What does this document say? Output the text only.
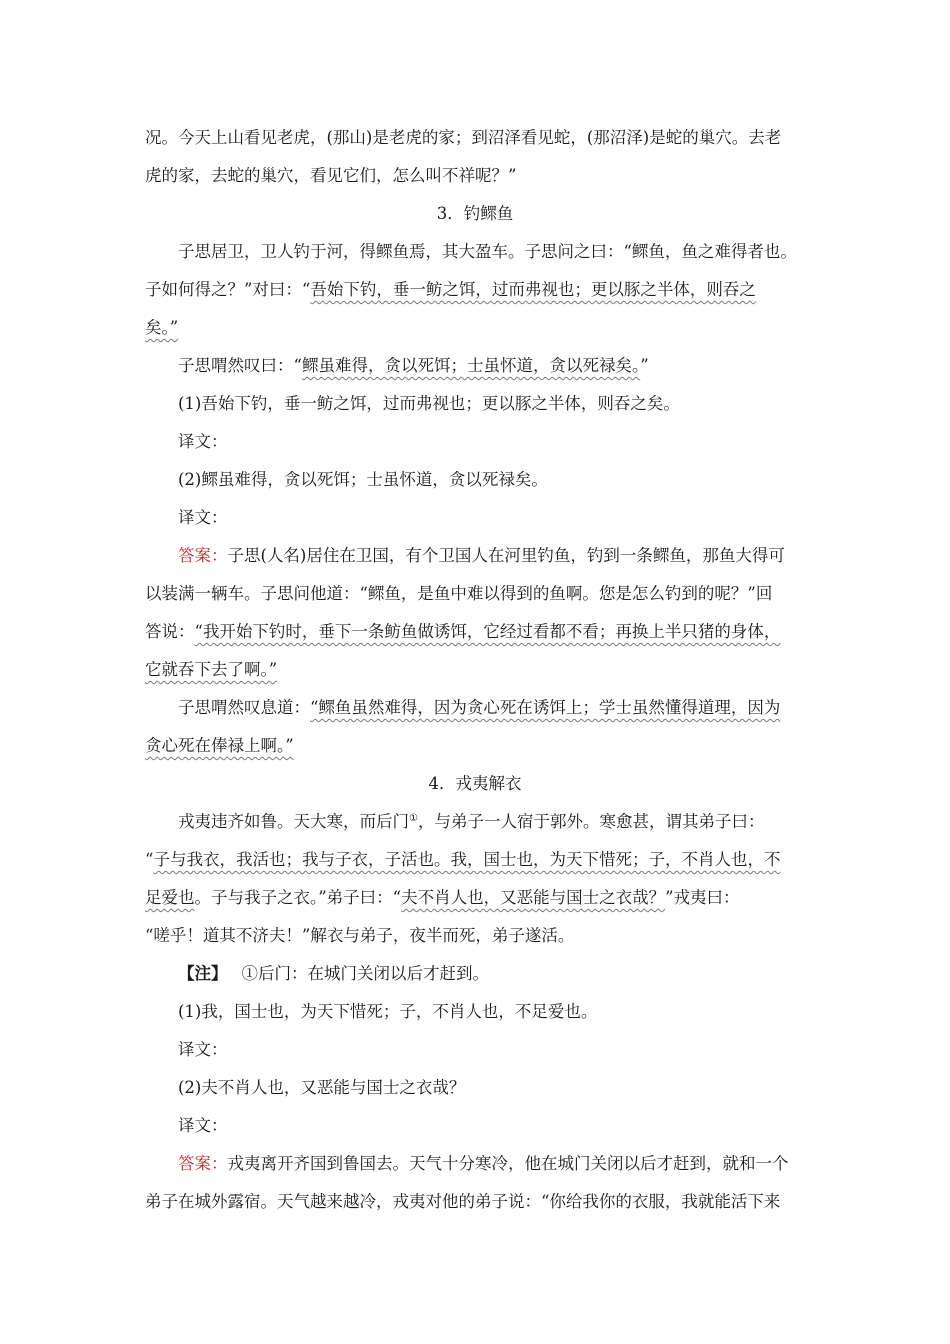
况。今天上山看见老虎，(那山)是老虎的家；到沼泽看见蛇，(那沼泽)是蛇的巢穴。去老
虎的家，去蛇的巢穴，看见它们，怎么叫不祥呢？”
3．钓鳏鱼
子思居卫，卫人钓于河，得鳏鱼焉，其大盈车。子思问之曰：“鳏鱼，鱼之难得者也。
子如何得之？”对曰：“吾始下钓，垂一鲂之饵，过而弗视也；更以豚之半体，则吞之
矣。”
子思喟然叹曰：“鳏虽难得，贪以死饵；士虽怀道，贪以死禄矣。”
(1)吾始下钓，垂一鲂之饵，过而弗视也；更以豚之半体，则吞之矣。
译文：
(2)鳏虽难得，贪以死饵；士虽怀道，贪以死禄矣。
译文：
答案：子思(人名)居住在卫国，有个卫国人在河里钓鱼，钓到一条鳏鱼，那鱼大得可
以装满一辆车。子思问他道：“鳏鱼，是鱼中难以得到的鱼啊。您是怎么钓到的呢？”回
答说：“我开始下钓时，垂下一条鲂鱼做诱饵，它经过看都不看；再换上半只猪的身体，
它就吞下去了啊。”
子思喟然叹息道：“鳏鱼虽然难得，因为贪心死在诱饵上；学士虽然懂得道理，因为
贪心死在俸禄上啊。”
4．戎夷解衣
戎夷违齐如鲁。天大寒，而后门①，与弟子一人宿于郭外。寒愈甚，谓其弟子曰：
“子与我衣，我活也；我与子衣，子活也。我，国士也，为天下惜死；子，不肖人也，不
足爱也。子与我子之衣。”弟子曰：“夫不肖人也，又恶能与国士之衣哉？”戎夷曰：
“嗟乎！道其不济夫！”解衣与弟子，夜半而死，弟子遂活。
【注】 ①后门：在城门关闭以后才赶到。
(1)我，国士也，为天下惜死；子，不肖人也，不足爱也。
译文：
(2)夫不肖人也，又恶能与国士之衣哉？
译文：
答案：戎夷离开齐国到鲁国去。天气十分寒冷，他在城门关闭以后才赶到，就和一个
弟子在城外露宿。天气越来越冷，戎夷对他的弟子说：“你给我你的衣服，我就能活下来
